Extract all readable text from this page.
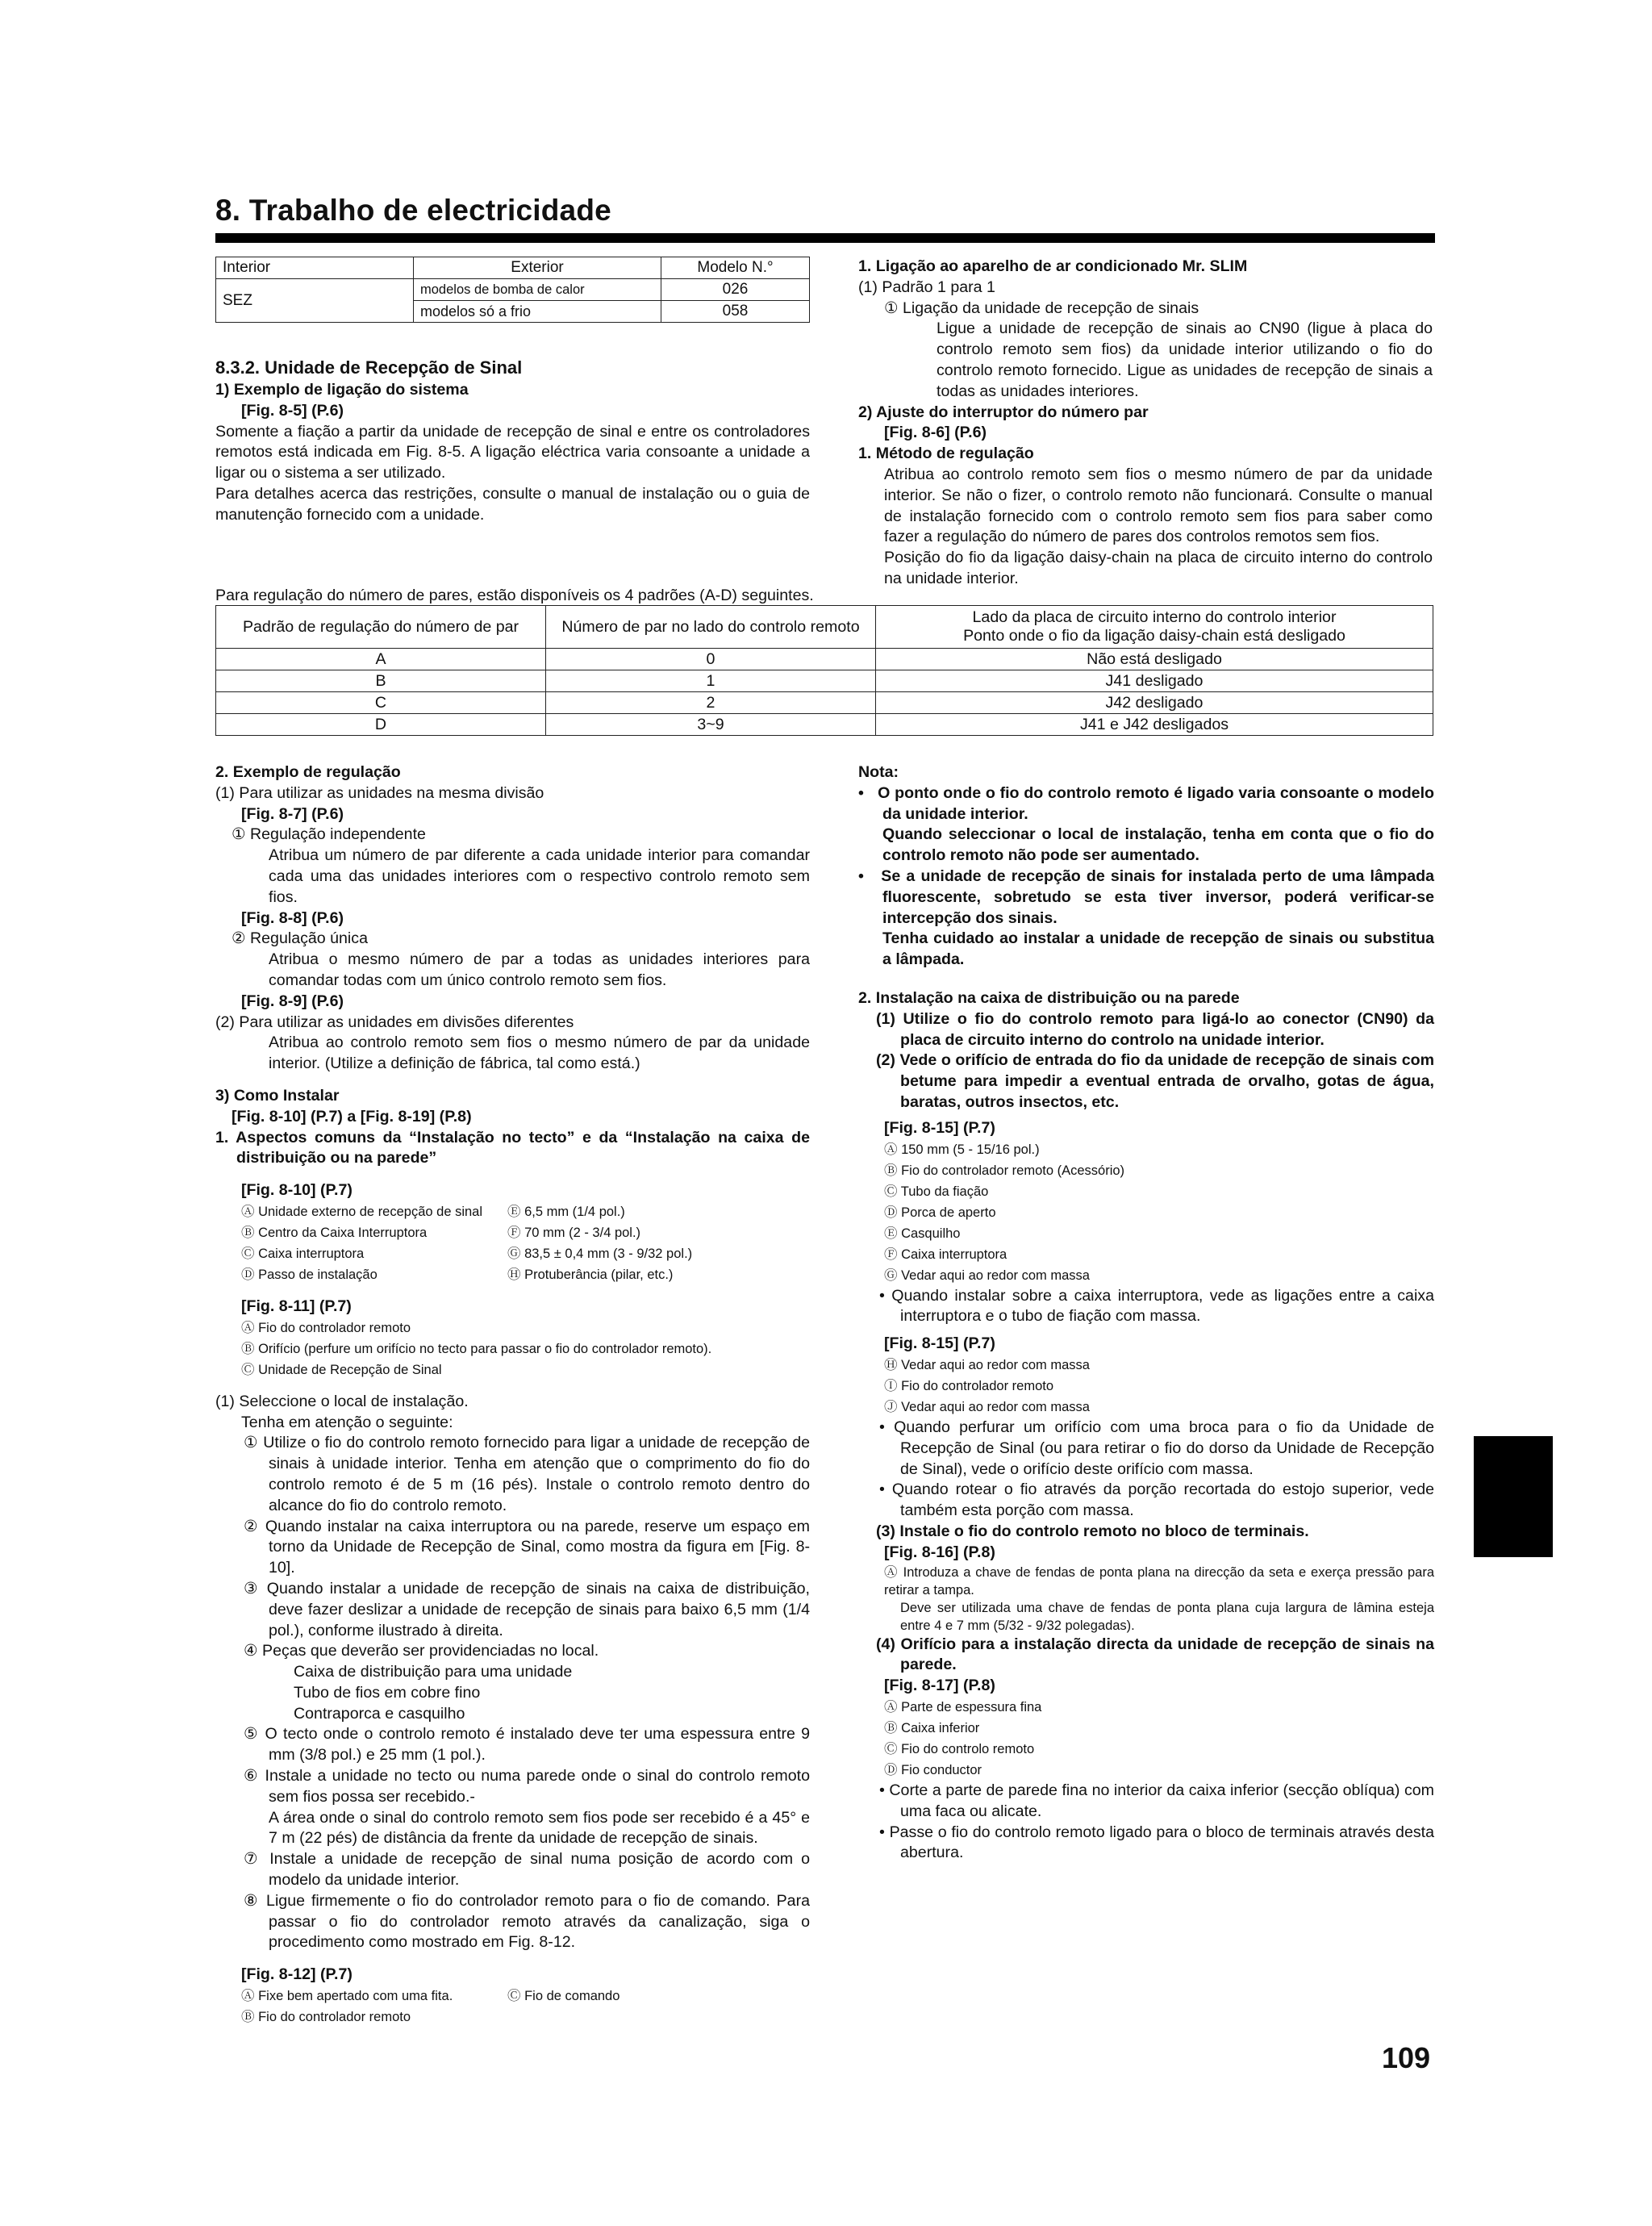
8. Trabalho de electricidade
Interior	Exterior	Modelo N.°
SEZ	modelos de bomba de calor	026
	modelos só a frio	058

8.3.2. Unidade de Recepção de Sinal

1) Exemplo de ligação do sistema

[Fig. 8-5] (P.6)

Somente a fiação a partir da unidade de recepção de sinal e entre os controladores remotos está indicada em Fig. 8-5. A ligação eléctrica varia consoante a unidade a ligar ou o sistema a ser utilizado.

Para detalhes acerca das restrições, consulte o manual de instalação ou o guia de manutenção fornecido com a unidade.

1. Ligação ao aparelho de ar condicionado Mr. SLIM

(1) Padrão 1 para 1

① Ligação da unidade de recepção de sinais

Ligue a unidade de recepção de sinais ao CN90 (ligue à placa do controlo remoto sem fios) da unidade interior utilizando o fio do controlo remoto fornecido. Ligue as unidades de recepção de sinais a todas as unidades interiores.

2) Ajuste do interruptor do número par

[Fig. 8-6] (P.6)

1. Método de regulação

Atribua ao controlo remoto sem fios o mesmo número de par da unidade interior. Se não o fizer, o controlo remoto não funcionará. Consulte o manual de instalação fornecido com o controlo remoto sem fios para saber como fazer a regulação do número de pares dos controlos remotos sem fios.

Posição do fio da ligação daisy-chain na placa de circuito interno do controlo na unidade interior.

Para regulação do número de pares, estão disponíveis os 4 padrões (A-D) seguintes.
Padrão de regulação do número de par	Número de par no lado do controlo remoto	Lado da placa de circuito interno do controlo interior
Ponto onde o fio da ligação daisy-chain está desligado

A	0	Não está desligado
B	1	J41 desligado
C	2	J42 desligado
D	3~9	J41 e J42 desligados

2. Exemplo de regulação

(1) Para utilizar as unidades na mesma divisão

[Fig. 8-7] (P.6)

① Regulação independente

Atribua um número de par diferente a cada unidade interior para comandar cada uma das unidades interiores com o respectivo controlo remoto sem fios.

[Fig. 8-8] (P.6)

② Regulação única

Atribua o mesmo número de par a todas as unidades interiores para comandar todas com um único controlo remoto sem fios.

[Fig. 8-9] (P.6)

(2) Para utilizar as unidades em divisões diferentes

Atribua ao controlo remoto sem fios o mesmo número de par da unidade interior. (Utilize a definição de fábrica, tal como está.)

3) Como Instalar

[Fig. 8-10] (P.7) a [Fig. 8-19] (P.8)

1. Aspectos comuns da “Instalação no tecto” e da “Instalação na caixa de distribuição ou na parede”

[Fig. 8-10] (P.7)

Ⓐ Unidade externo de recepção de sinal	Ⓔ 6,5 mm (1/4 pol.)
Ⓑ Centro da Caixa Interruptora	Ⓕ 70 mm (2 - 3/4 pol.)
Ⓒ Caixa interruptora	Ⓖ 83,5 ± 0,4 mm (3 - 9/32 pol.)
Ⓓ Passo de instalação	Ⓗ Protuberância (pilar, etc.)

[Fig. 8-11] (P.7)

Ⓐ Fio do controlador remoto

Ⓑ Orifício (perfure um orifício no tecto para passar o fio do controlador remoto).

Ⓒ Unidade de Recepção de Sinal

(1) Seleccione o local de instalação.

Tenha em atenção o seguinte:

① Utilize o fio do controlo remoto fornecido para ligar a unidade de recepção de sinais à unidade interior. Tenha em atenção que o comprimento do fio do controlo remoto é de 5 m (16 pés). Instale o controlo remoto dentro do alcance do fio do controlo remoto.

② Quando instalar na caixa interruptora ou na parede, reserve um espaço em torno da Unidade de Recepção de Sinal, como mostra da figura em [Fig. 8-10].

③ Quando instalar a unidade de recepção de sinais na caixa de distribuição, deve fazer deslizar a unidade de recepção de sinais para baixo 6,5 mm (1/4 pol.), conforme ilustrado à direita.

④ Peças que deverão ser providenciadas no local.

Caixa de distribuição para uma unidade

Tubo de fios em cobre fino

Contraporca e casquilho

⑤ O tecto onde o controlo remoto é instalado deve ter uma espessura entre 9 mm (3/8 pol.) e 25 mm (1 pol.).

⑥ Instale a unidade no tecto ou numa parede onde o sinal do controlo remoto sem fios possa ser recebido.-

A área onde o sinal do controlo remoto sem fios pode ser recebido é a 45° e 7 m (22 pés) de distância da frente da unidade de recepção de sinais.

⑦ Instale a unidade de recepção de sinal numa posição de acordo com o modelo da unidade interior.

⑧ Ligue firmemente o fio do controlador remoto para o fio de comando. Para passar o fio do controlador remoto através da canalização, siga o procedimento como mostrado em Fig. 8-12.

[Fig. 8-12] (P.7)

Ⓐ Fixe bem apertado com uma fita.	Ⓒ Fio de comando
Ⓑ Fio do controlador remoto

Nota:

•   O ponto onde o fio do controlo remoto é ligado varia consoante o modelo da unidade interior.

Quando seleccionar o local de instalação, tenha em conta que o fio do controlo remoto não pode ser aumentado.

•   Se a unidade de recepção de sinais for instalada perto de uma lâmpada fluorescente, sobretudo se esta tiver inversor, poderá verificar-se intercepção dos sinais.

Tenha cuidado ao instalar a unidade de recepção de sinais ou substitua a lâmpada.

2. Instalação na caixa de distribuição ou na parede

(1) Utilize o fio do controlo remoto para ligá-lo ao conector (CN90) da placa de circuito interno do controlo na unidade interior.

(2) Vede o orifício de entrada do fio da unidade de recepção de sinais com betume para impedir a eventual entrada de orvalho, gotas de água, baratas, outros insectos, etc.

[Fig. 8-15] (P.7)

Ⓐ 150 mm (5 - 15/16 pol.)

Ⓑ Fio do controlador remoto (Acessório)

Ⓒ Tubo da fiação

Ⓓ Porca de aperto

Ⓔ Casquilho

Ⓕ Caixa interruptora

Ⓖ Vedar aqui ao redor com massa

• Quando instalar sobre a caixa interruptora, vede as ligações entre a caixa interruptora e o tubo de fiação com massa.

[Fig. 8-15] (P.7)

Ⓗ Vedar aqui ao redor com massa

Ⓘ Fio do controlador remoto

Ⓙ Vedar aqui ao redor com massa

• Quando perfurar um orifício com uma broca para o fio da Unidade de Recepção de Sinal (ou para retirar o fio do dorso da Unidade de Recepção de Sinal), vede o orifício deste orifício com massa.

• Quando rotear o fio através da porção recortada do estojo superior, vede também esta porção com massa.

(3) Instale o fio do controlo remoto no bloco de terminais.

[Fig. 8-16] (P.8)

Ⓐ Introduza a chave de fendas de ponta plana na direcção da seta e exerça pressão para retirar a tampa.

Deve ser utilizada uma chave de fendas de ponta plana cuja largura de lâmina esteja entre 4 e 7 mm (5/32 - 9/32 polegadas).

(4) Orifício para a instalação directa da unidade de recepção de sinais na parede.

[Fig. 8-17] (P.8)

Ⓐ Parte de espessura fina

Ⓑ Caixa inferior

Ⓒ Fio do controlo remoto

Ⓓ Fio conductor

• Corte a parte de parede fina no interior da caixa inferior (secção oblíqua) com uma faca ou alicate.

• Passe o fio do controlo remoto ligado para o bloco de terminais através desta abertura.

109
